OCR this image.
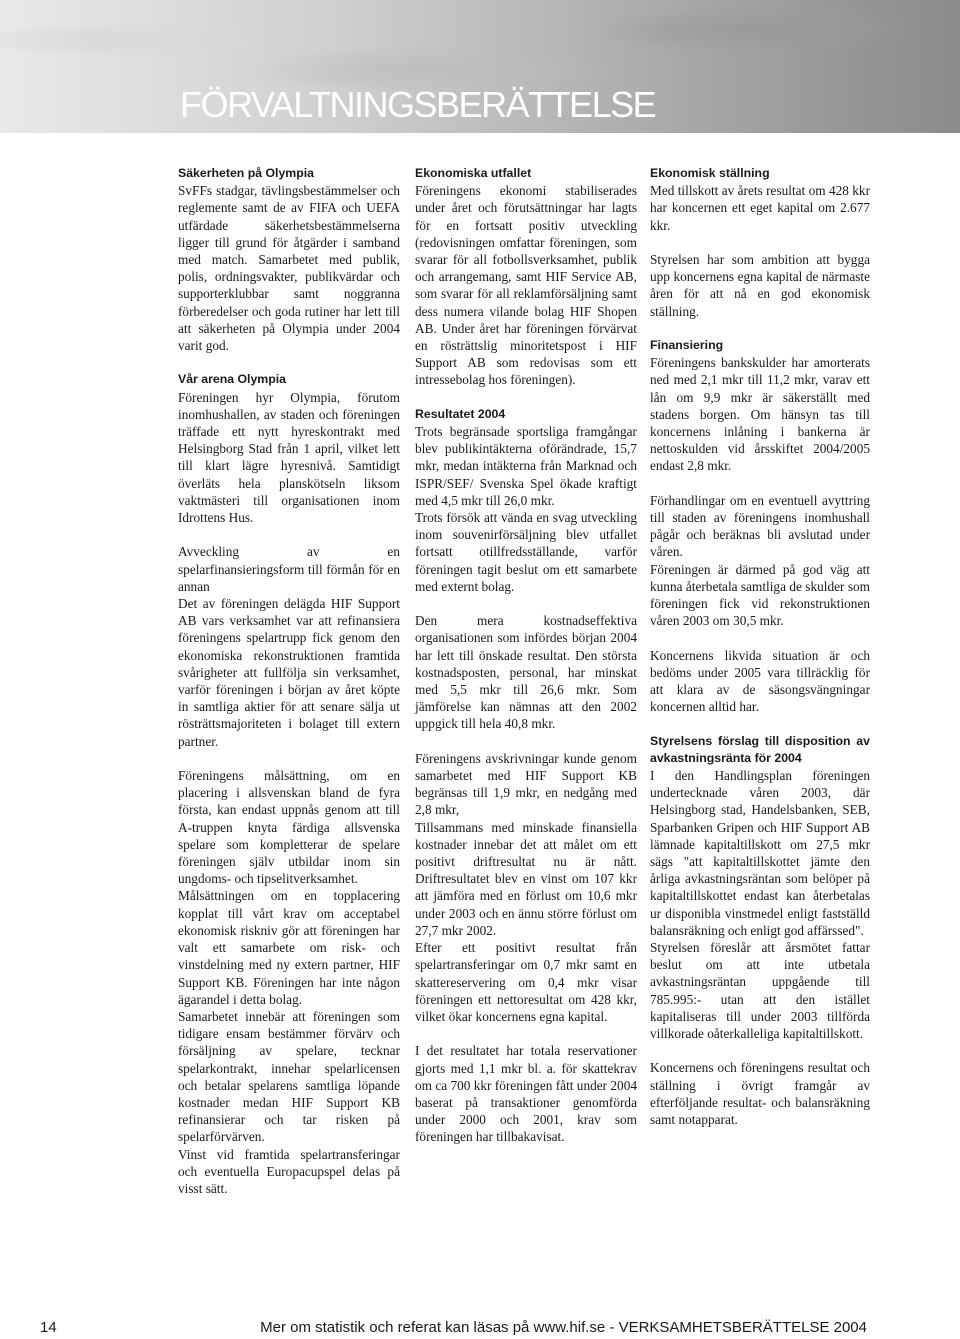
FÖRVALTNINGSBERÄTTELSE
Säkerheten på Olympia

SvFFs stadgar, tävlingsbestämmelser och reglemente samt de av FIFA och UEFA utfärdade säkerhetsbestämmelserna ligger till grund för åtgärder i samband med match. Samarbetet med publik, polis, ordningsvakter, publikvärdar och supporterklubbar samt noggranna förberedelser och goda rutiner har lett till att säkerheten på Olympia under 2004 varit god.

Vår arena Olympia

Föreningen hyr Olympia, förutom inomhushallen, av staden och föreningen träffade ett nytt hyreskontrakt med Helsingborg Stad från 1 april, vilket lett till klart lägre hyresnivå. Samtidigt överläts hela planskötseln liksom vaktmästeri till organisationen inom Idrottens Hus.

Avveckling av en spelarfinansieringsform till förmån för en annan

Det av föreningen delägda HIF Support AB vars verksamhet var att refinansiera föreningens spelartrupp fick genom den ekonomiska rekonstruktionen framtida svårigheter att fullfölja sin verksamhet, varför föreningen i början av året köpte in samtliga aktier för att senare sälja ut rösträttsmajoriteten i bolaget till extern partner.

Föreningens målsättning, om en placering i allsvenskan bland de fyra första, kan endast uppnås genom att till A-truppen knyta färdiga allsvenska spelare som kompletterar de spelare föreningen själv utbildar inom sin ungdoms- och tipselitverksamhet.

Målsättningen om en topplacering kopplat till vårt krav om acceptabel ekonomisk riskniv gör att föreningen har valt ett samarbete om risk- och vinstdelning med ny extern partner, HIF Support KB. Föreningen har inte någon ägarandel i detta bolag.

Samarbetet innebär att föreningen som tidigare ensam bestämmer förvärv och försäljning av spelare, tecknar spelarkontrakt, innehar spelarlicensen och betalar spelarens samtliga löpande kostnader medan HIF Support KB refinansierar och tar risken på spelarförvärven.

Vinst vid framtida spelartransferingar och eventuella Europacupspel delas på visst sätt.

Ekonomiska utfallet

Föreningens ekonomi stabiliserades under året och förutsättningar har lagts för en fortsatt positiv utveckling (redovisningen omfattar föreningen, som svarar för all fotbollsverksamhet, publik och arrangemang, samt HIF Service AB, som svarar för all reklamförsäljning samt dess numera vilande bolag HIF Shopen AB. Under året har föreningen förvärvat en rösträttslig minoritetspost i HIF Support AB som redovisas som ett intressebolag hos föreningen).

Resultatet 2004

Trots begränsade sportsliga framgångar blev publikintäkterna oförändrade, 15,7 mkr, medan intäkterna från Marknad och ISPR/SEF/ Svenska Spel ökade kraftigt med 4,5 mkr till 26,0 mkr.

Trots försök att vända en svag utveckling inom souvenirförsäljning blev utfallet fortsatt otillfredsställande, varför föreningen tagit beslut om ett samarbete med externt bolag.

Den mera kostnadseffektiva organisationen som infördes början 2004 har lett till önskade resultat. Den största kostnadsposten, personal, har minskat med 5,5 mkr till 26,6 mkr. Som jämförelse kan nämnas att den 2002 uppgick till hela 40,8 mkr.

Föreningens avskrivningar kunde genom samarbetet med HIF Support KB begränsas till 1,9 mkr, en nedgång med 2,8 mkr,

Tillsammans med minskade finansiella kostnader innebar det att målet om ett positivt driftresultat nu är nått. Driftresultatet blev en vinst om 107 kkr att jämföra med en förlust om 10,6 mkr under 2003 och en ännu större förlust om 27,7 mkr 2002.

Efter ett positivt resultat från spelartransferingar om 0,7 mkr samt en skattereservering om 0,4 mkr visar föreningen ett nettoresultat om 428 kkr, vilket ökar koncernens egna kapital.

I det resultatet har totala reservationer gjorts med 1,1 mkr bl. a. för skattekrav om ca 700 kkr föreningen fått under 2004 baserat på transaktioner genomförda under 2000 och 2001, krav som föreningen har tillbakavisat.

Ekonomisk ställning

Med tillskott av årets resultat om 428 kkr har koncernen ett eget kapital om 2.677 kkr.

Styrelsen har som ambition att bygga upp koncernens egna kapital de närmaste åren för att nå en god ekonomisk ställning.

Finansiering

Föreningens bankskulder har amorterats ned med 2,1 mkr till 11,2 mkr, varav ett lån om 9,9 mkr är säkerställt med stadens borgen. Om hänsyn tas till koncernens inlåning i bankerna är nettoskulden vid årsskiftet 2004/2005 endast 2,8 mkr.

Förhandlingar om en eventuell avyttring till staden av föreningens inomhushall pågår och beräknas bli avslutad under våren.

Föreningen är därmed på god väg att kunna återbetala samtliga de skulder som föreningen fick vid rekonstruktionen våren 2003 om 30,5 mkr.

Koncernens likvida situation är och bedöms under 2005 vara tillräcklig för att klara av de säsongsvängningar koncernen alltid har.

Styrelsens förslag till disposition av avkastningsränta för 2004

I den Handlingsplan föreningen undertecknade våren 2003, där Helsingborg stad, Handelsbanken, SEB, Sparbanken Gripen och HIF Support AB lämnade kapitaltillskott om 27,5 mkr sägs "att kapitaltillskottet jämte den årliga avkastningsräntan som belöper på kapitaltillskottet endast kan återbetalas ur disponibla vinstmedel enligt fastställd balansräkning och enligt god affärssed".

Styrelsen föreslår att årsmötet fattar beslut om att inte utbetala avkastningsräntan uppgående till 785.995:- utan att den istället kapitaliseras till under 2003 tillförda villkorade oåterkalleliga kapitaltillskott.

Koncernens och föreningens resultat och ställning i övrigt framgår av efterföljande resultat- och balansräkning samt notapparat.

14	Mer om statistik och referat kan läsas på www.hif.se - VERKSAMHETSBERÄTTELSE 2004
